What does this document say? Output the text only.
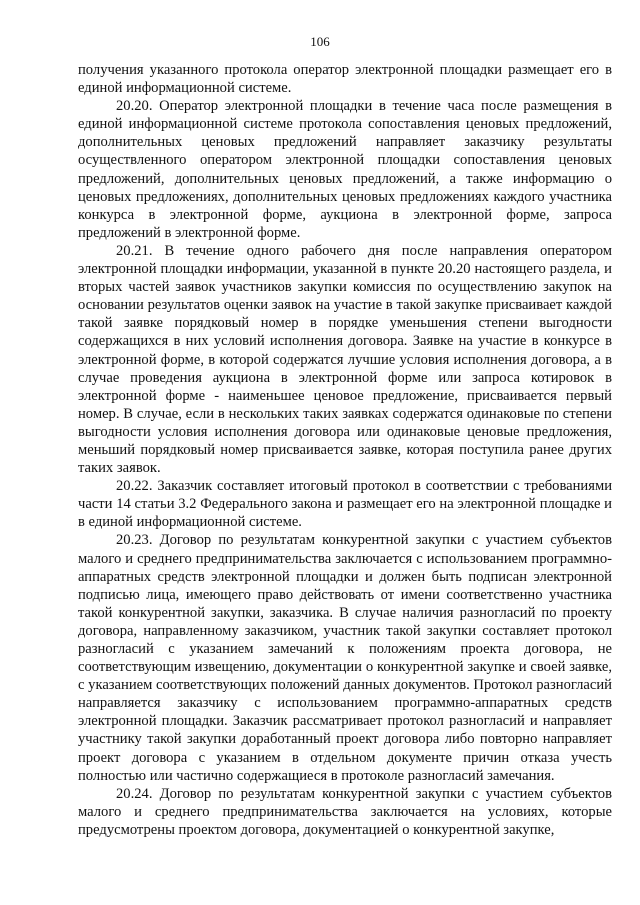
106

получения указанного протокола оператор электронной площадки размещает его в единой информационной системе.

20.20. Оператор электронной площадки в течение часа после размещения в единой информационной системе протокола сопоставления ценовых предложений, дополнительных ценовых предложений направляет заказчику результаты осуществленного оператором электронной площадки сопоставления ценовых предложений, дополнительных ценовых предложений, а также информацию о ценовых предложениях, дополнительных ценовых предложениях каждого участника конкурса в электронной форме, аукциона в электронной форме, запроса предложений в электронной форме.

20.21. В течение одного рабочего дня после направления оператором электронной площадки информации, указанной в пункте 20.20 настоящего раздела, и вторых частей заявок участников закупки комиссия по осуществлению закупок на основании результатов оценки заявок на участие в такой закупке присваивает каждой такой заявке порядковый номер в порядке уменьшения степени выгодности содержащихся в них условий исполнения договора. Заявке на участие в конкурсе в электронной форме, в которой содержатся лучшие условия исполнения договора, а в случае проведения аукциона в электронной форме или запроса котировок в электронной форме - наименьшее ценовое предложение, присваивается первый номер. В случае, если в нескольких таких заявках содержатся одинаковые по степени выгодности условия исполнения договора или одинаковые ценовые предложения, меньший порядковый номер присваивается заявке, которая поступила ранее других таких заявок.

20.22. Заказчик составляет итоговый протокол в соответствии с требованиями части 14 статьи 3.2 Федерального закона и размещает его на электронной площадке и в единой информационной системе.

20.23. Договор по результатам конкурентной закупки с участием субъектов малого и среднего предпринимательства заключается с использованием программно-аппаратных средств электронной площадки и должен быть подписан электронной подписью лица, имеющего право действовать от имени соответственно участника такой конкурентной закупки, заказчика. В случае наличия разногласий по проекту договора, направленному заказчиком, участник такой закупки составляет протокол разногласий с указанием замечаний к положениям проекта договора, не соответствующим извещению, документации о конкурентной закупке и своей заявке, с указанием соответствующих положений данных документов. Протокол разногласий направляется заказчику с использованием программно-аппаратных средств электронной площадки. Заказчик рассматривает протокол разногласий и направляет участнику такой закупки доработанный проект договора либо повторно направляет проект договора с указанием в отдельном документе причин отказа учесть полностью или частично содержащиеся в протоколе разногласий замечания.

20.24. Договор по результатам конкурентной закупки с участием субъектов малого и среднего предпринимательства заключается на условиях, которые предусмотрены проектом договора, документацией о конкурентной закупке,
